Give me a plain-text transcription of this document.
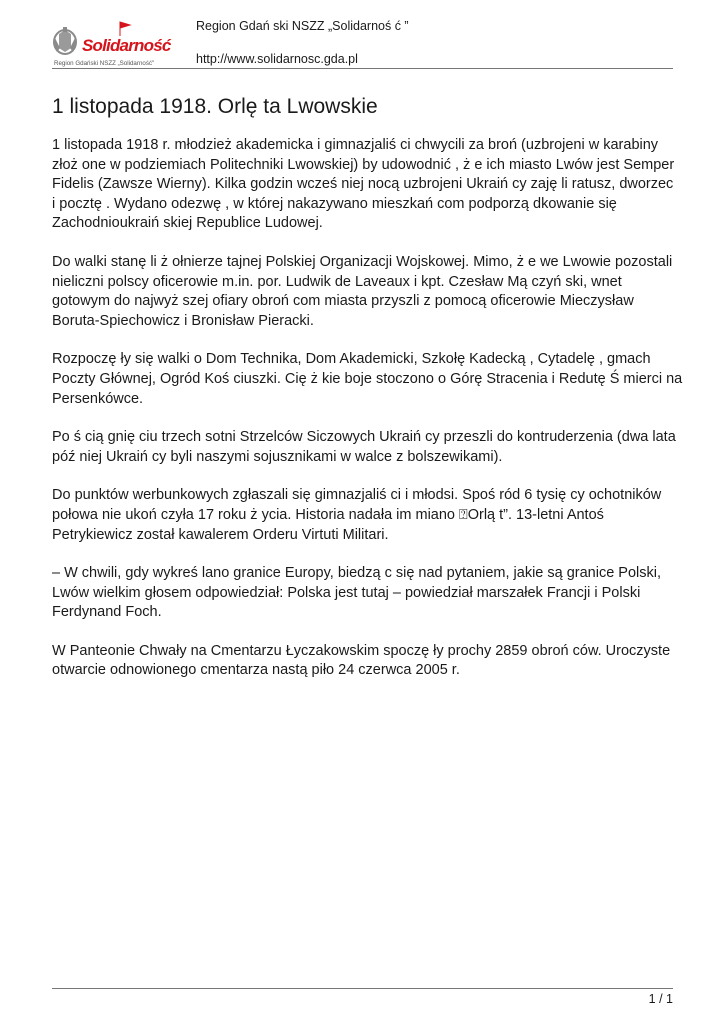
Solidarność
Region Gdański NSZZ „Solidarność"
Region Gdań ski NSZZ „Solidarnoś ć ”
http://www.solidarnosc.gda.pl
1 listopada 1918. Orlę ta Lwowskie

1 listopada 1918 r. młodzież akademicka i gimnazjaliś ci chwycili za broń (uzbrojeni w karabiny
złoż one w podziemiach Politechniki Lwowskiej) by udowodnić , ż e ich miasto Lwów jest Semper
Fidelis (Zawsze Wierny). Kilka godzin wcześ niej nocą uzbrojeni Ukraiń cy zaję li ratusz, dworzec
i pocztę . Wydano odezwę , w której nakazywano mieszkań com podporzą dkowanie się
Zachodnioukraiń skiej Republice Ludowej.

Do walki stanę li ż ołnierze tajnej Polskiej Organizacji Wojskowej. Mimo, ż e we Lwowie pozostali
nieliczni polscy oficerowie m.in. por. Ludwik de Laveaux i kpt. Czesław Mą czyń ski, wnet
gotowym do najwyż szej ofiary obroń com miasta przyszli z pomocą oficerowie Mieczysław
Boruta-Spiechowicz i Bronisław Pieracki.

Rozpoczę ły się walki o Dom Technika, Dom Akademicki, Szkołę Kadecką , Cytadelę , gmach
Poczty Głównej, Ogród Koś ciuszki. Cię ż kie boje stoczono o Górę Stracenia i Redutę Ś mierci na
Persenkówce.

Po ś cią gnię ciu trzech sotni Strzelców Siczowych Ukraiń cy przeszli do kontruderzenia (dwa lata
póź niej Ukraiń cy byli naszymi sojusznikami w walce z bolszewikami).

Do punktów werbunkowych zgłaszali się gimnazjaliś ci i młodsi. Spoś ród 6 tysię cy ochotników
połowa nie ukoń czyła 17 roku ż ycia. Historia nadała im miano ⍰Orlą t”. 13-letni Antoś
Petrykiewicz został kawalerem Orderu Virtuti Militari.

– W chwili, gdy wykreś lano granice Europy, biedzą c się nad pytaniem, jakie są granice Polski,
Lwów wielkim głosem odpowiedział: Polska jest tutaj – powiedział marszałek Francji i Polski
Ferdynand Foch.

W Panteonie Chwały na Cmentarzu Łyczakowskim spoczę ły prochy 2859 obroń ców. Uroczyste
otwarcie odnowionego cmentarza nastą piło 24 czerwca 2005 r.

1 / 1
